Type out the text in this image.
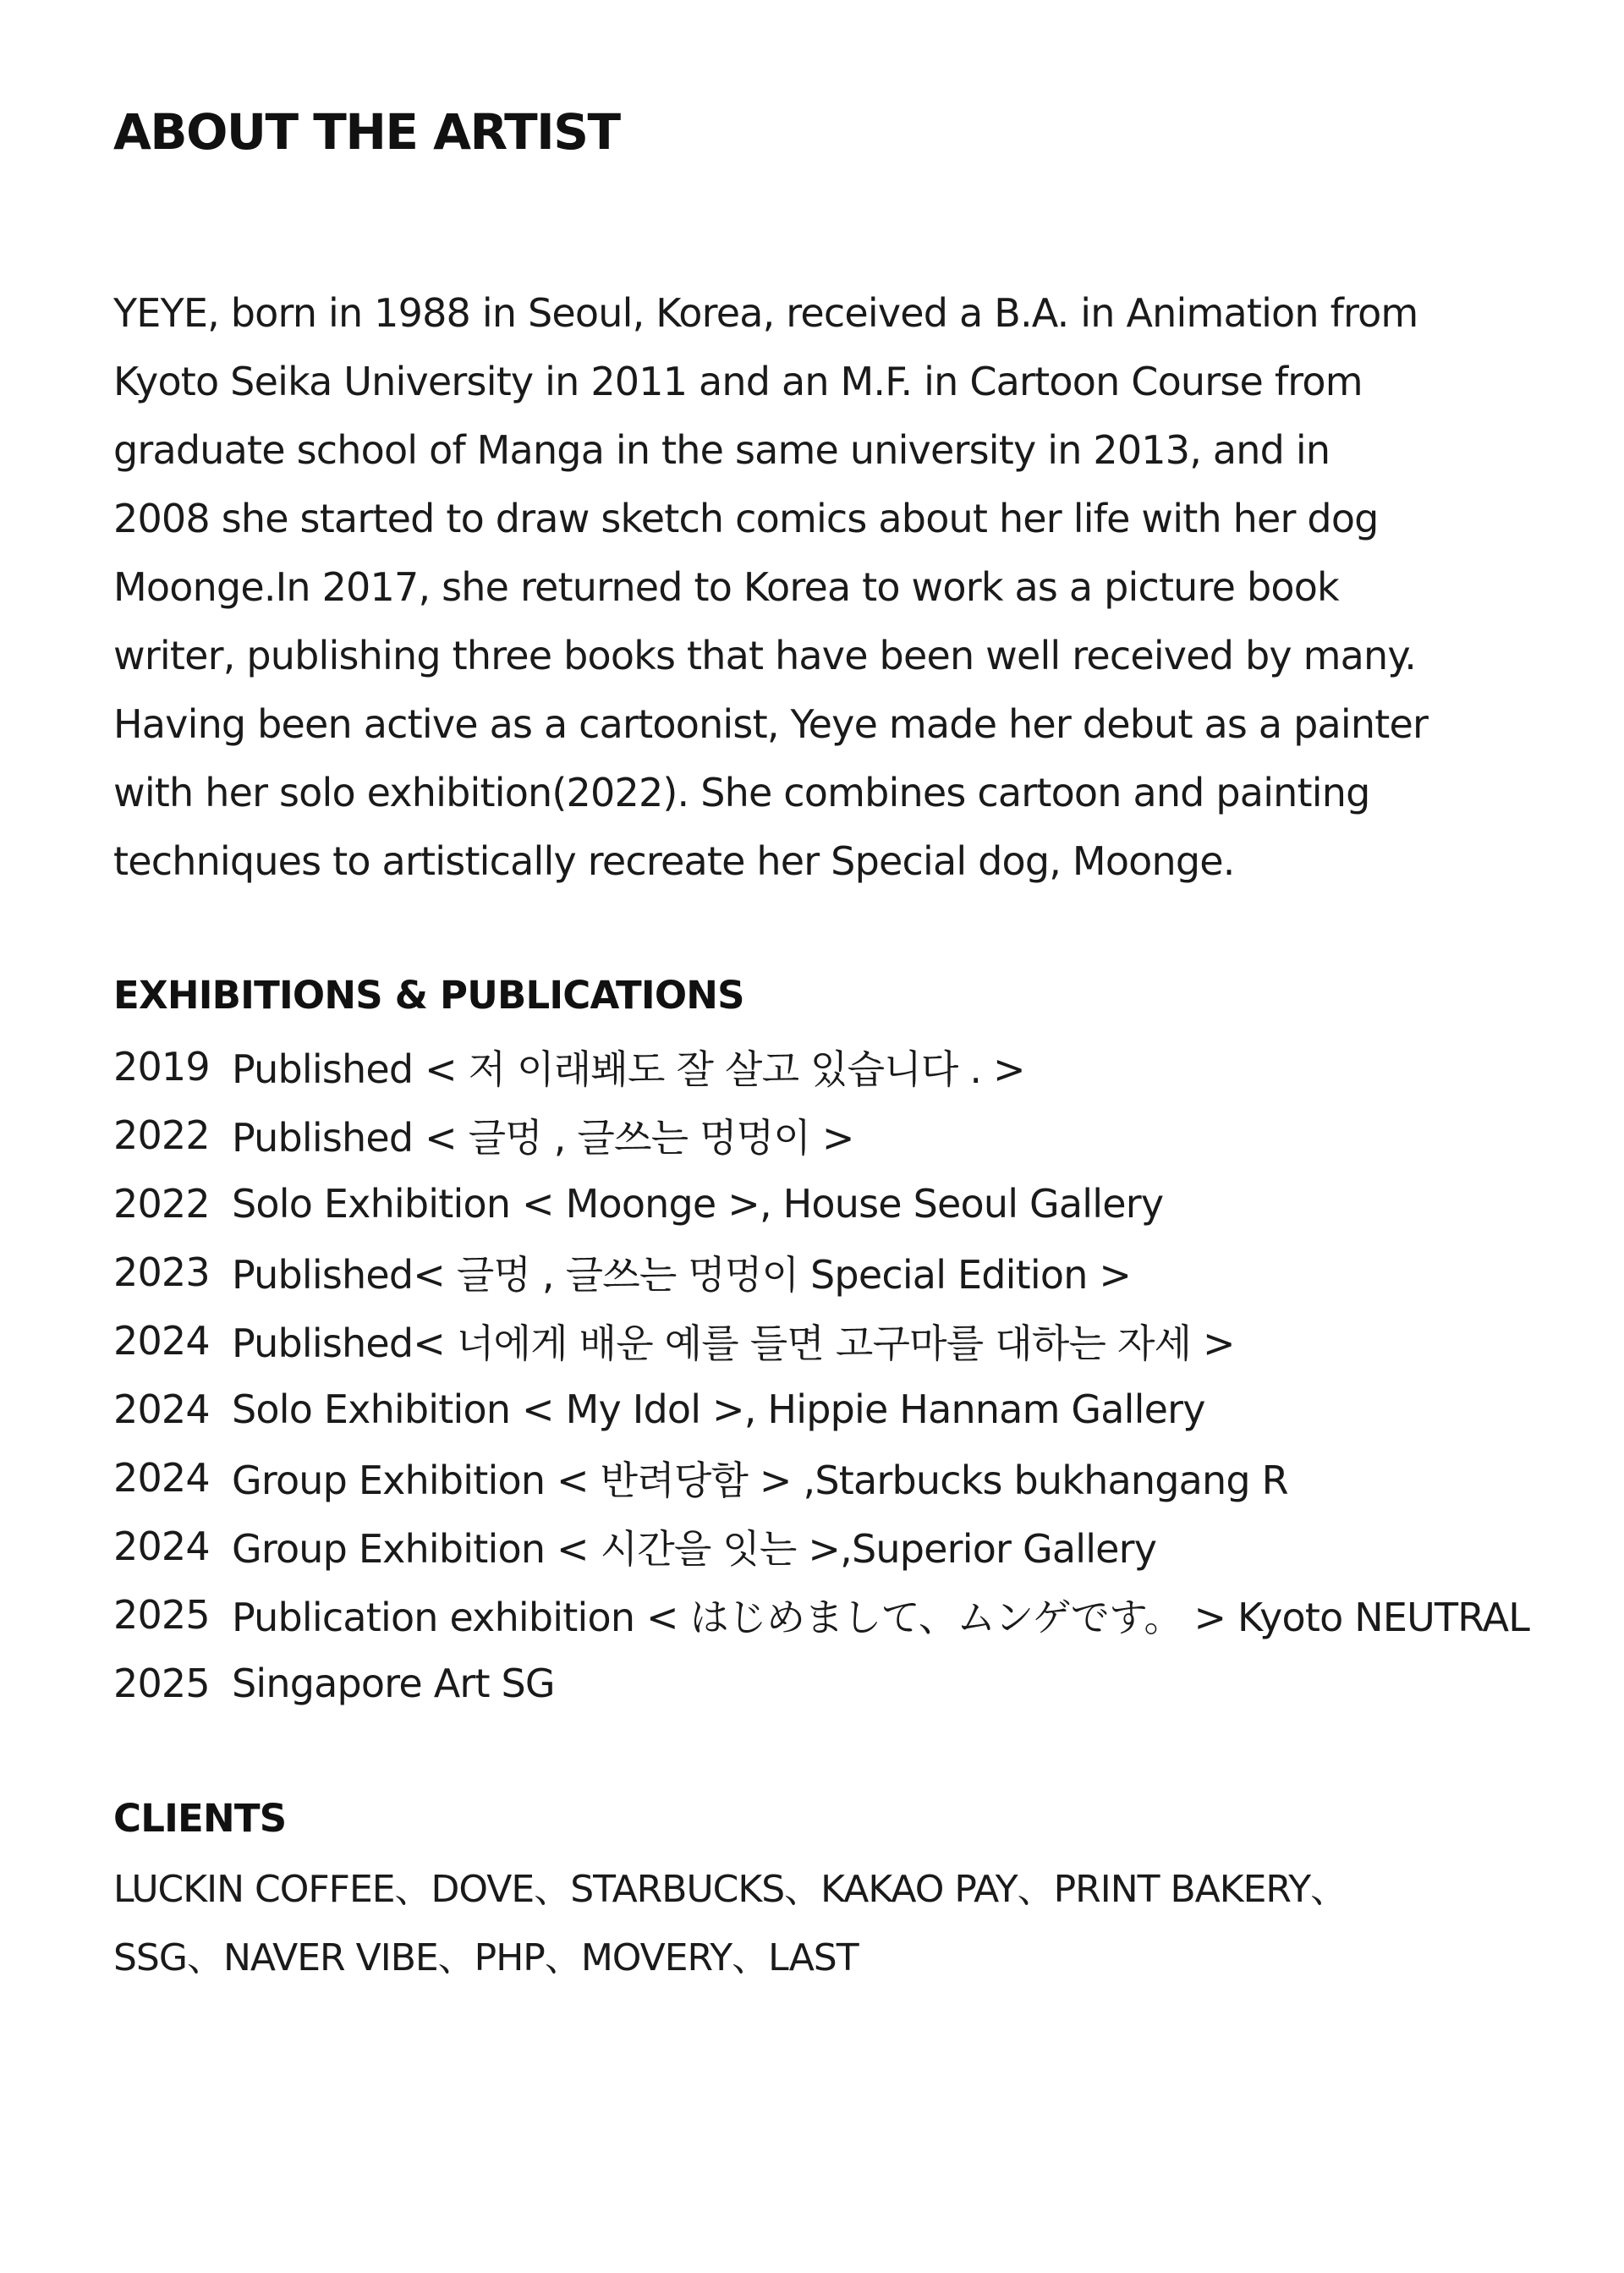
ABOUT THE ARTIST
YEYE, born in 1988 in Seoul, Korea, received a B.A. in Animation from
Kyoto Seika University in 2011 and an M.F. in Cartoon Course from
graduate school of Manga in the same university in 2013, and in
2008 she started to draw sketch comics about her life with her dog
Moonge.In 2017, she returned to Korea to work as a picture book
writer, publishing three books that have been well received by many.
Having been active as a cartoonist, Yeye made her debut as a painter
with her solo exhibition(2022). She combines cartoon and painting
techniques to artistically recreate her Special dog, Moonge.
EXHIBITIONS & PUBLICATIONS
2019 Published < 저 이래봬도 잘 살고 있습니다 . >
2022 Published < 글멍 , 글쓰는 멍멍이 >
2022 Solo Exhibition < Moonge >, House Seoul Gallery
2023 Published< 글멍 , 글쓰는 멍멍이 Special Edition >
2024 Published< 너에게 배운 예를 들면 고구마를 대하는 자세 >
2024 Solo Exhibition < My Idol >, Hippie Hannam Gallery
2024 Group Exhibition < 반려당함 > ,Starbucks bukhangang R
2024 Group Exhibition < 시간을 잇는 >,Superior Gallery
2025 Publication exhibition < はじめまして、ムンゲです。 > Kyoto NEUTRAL
2025 Singapore Art SG
CLIENTS
LUCKIN COFFEE、DOVE、STARBUCKS、KAKAO PAY、PRINT BAKERY、
SSG、NAVER VIBE、PHP、MOVERY、LAST
